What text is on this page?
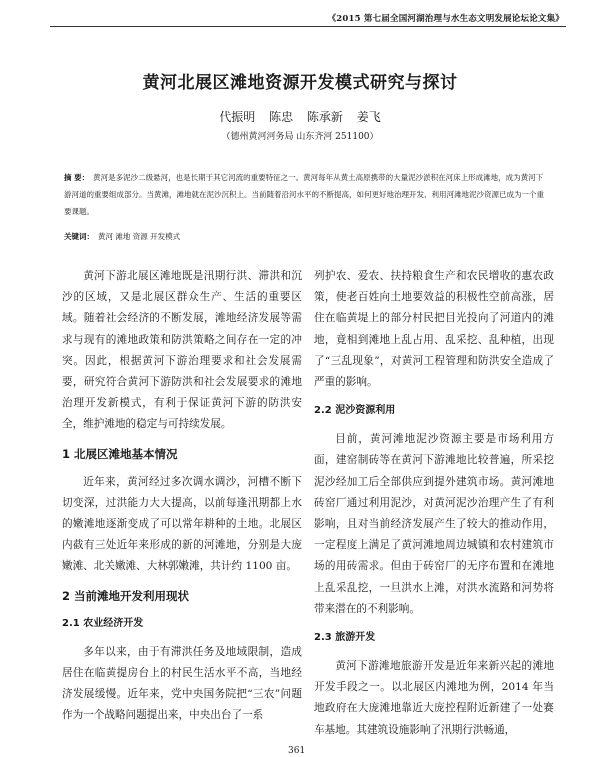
《2015 第七届全国河湖治理与水生态文明发展论坛论文集》
黄河北展区滩地资源开发模式研究与探讨
代振明 陈忠 陈承新 姜飞
（德州黄河河务局 山东齐河 251100）
摘 要： 黄河是多泥沙二级悬河，也是长期于其它河流的重要特征之一。黄河每年从黄土高原携带的大量泥沙淤积在河床上形成滩地，成为黄河下游河道的重要组成部分。当黄滩，滩地就在泥沙沉积上。当前随着沿河水平的不断提高，如何更好地治理开发、利用河滩地泥沙资源已成为一个重要课题。
关键词： 黄河 滩地 资源 开发模式

黄河下游北展区滩地既是汛期行洪、滞洪和沉沙的区域，又是北展区群众生产、生活的重要区域。随着社会经济的不断发展，滩地经济发展等需求与现有的滩地政策和防洪策略之间存在一定的冲突。因此，根据黄河下游治理要求和社会发展需要，研究符合黄河下游防洪和社会发展要求的滩地治理开发新模式，有利于保证黄河下游的防洪安全，维护滩地的稳定与可持续发展。

1 北展区滩地基本情况

近年来，黄河经过多次调水调沙，河槽不断下切变深，过洪能力大大提高，以前每逢汛期都上水的嫩滩地逐渐变成了可以常年耕种的土地。北展区内截有三处近年来形成的新的河滩地，分别是大庞嫩滩、北关嫩滩、大林郭嫩滩，共计约 1100 亩。

2 当前滩地开发利用现状
2.1 农业经济开发

多年以来，由于有滞洪任务及地域限制，造成居住在临黄提房台上的村民生活水平不高，当地经济发展缓慢。近年来，党中央国务院把“三农”问题作为一个战略问题提出来，中央出台了一系

列护农、爱农、扶持粮食生产和农民增收的惠农政策，使老百姓向土地要效益的积极性空前高涨，居住在临黄堤上的部分村民把目光投向了河道内的滩地，竟相到滩地上乱占用、乱采挖、乱种植，出现了“三乱现象”，对黄河工程管理和防洪安全造成了严重的影响。

2.2 泥沙资源利用

目前，黄河滩地泥沙资源主要是市场利用方面，建窑制砖等在黄河下游滩地比较普遍，所采挖泥沙经加工后全部供应到提外建筑市场。黄河滩地砖窑厂通过利用泥沙，对黄河泥沙治理产生了有利影响，且对当前经济发展产生了较大的推动作用，一定程度上满足了黄河滩地周边城镇和农村建筑市场的用砖需求。但由于砖窑厂的无序布置和在滩地上乱采乱挖，一旦洪水上滩，对洪水流路和河势将带来潜在的不利影响。

2.3 旅游开发

黄河下游滩地旅游开发是近年来新兴起的滩地开发手段之一。以北展区内滩地为例，2014 年当地政府在大庞滩地靠近大庞控程附近新建了一处赛车基地。其建筑设施影响了汛期行洪畅通，

361
